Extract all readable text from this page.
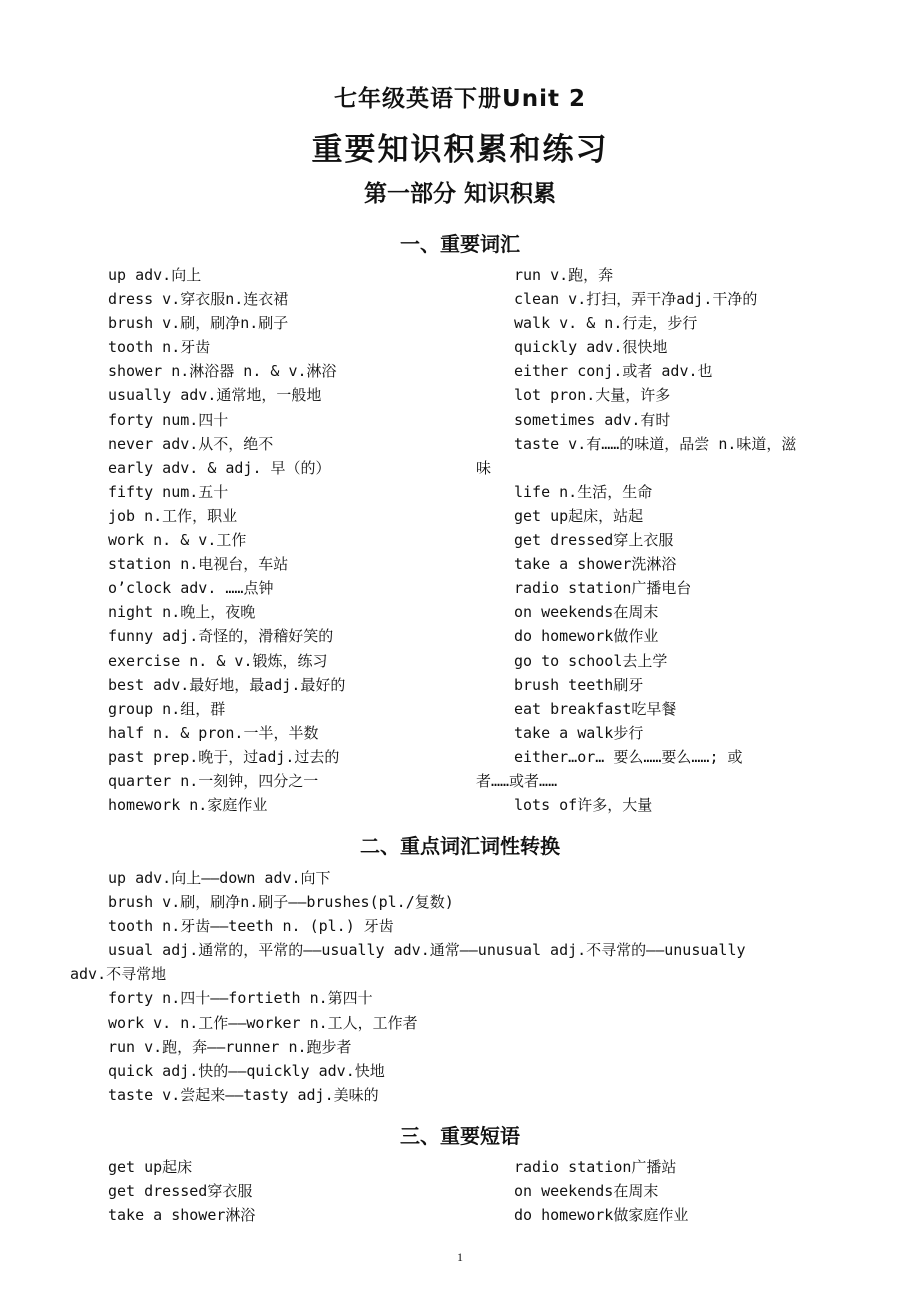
七年级英语下册Unit 2
重要知识积累和练习
第一部分 知识积累
一、重要词汇
up adv.向上
dress v.穿衣服n.连衣裙
brush v.刷，刷净n.刷子
tooth n.牙齿
shower n.淋浴器 n. & v.淋浴
usually adv.通常地，一般地
forty num.四十
never adv.从不，绝不
early adv. & adj. 早（的）
fifty num.五十
job n.工作，职业
work n. & v.工作
station n.电视台，车站
o’clock adv. ……点钟
night n.晚上，夜晚
funny adj.奇怪的，滑稽好笑的
exercise n. & v.锻炼，练习
best adv.最好地，最adj.最好的
group n.组，群
half n. & pron.一半，半数
past prep.晚于，过adj.过去的
quarter n.一刻钟，四分之一
homework n.家庭作业
run v.跑，奔
clean v.打扫，弄干净adj.干净的
walk v. & n.行走，步行
quickly adv.很快地
either conj.或者 adv.也
lot pron.大量，许多
sometimes adv.有时
taste v.有……的味道，品尝 n.味道，滋
味
life n.生活，生命
get up起床，站起
get dressed穿上衣服
take a shower洗淋浴
radio station广播电台
on weekends在周末
do homework做作业
go to school去上学
brush teeth刷牙
eat breakfast吃早餐
take a walk步行
either…or… 要么……要么……; 或
者……或者……
lots of许多，大量
二、重点词汇词性转换
up adv.向上——down adv.向下
brush v.刷，刷净n.刷子——brushes(pl./复数)
tooth n.牙齿——teeth n. (pl.) 牙齿
usual adj.通常的，平常的——usually adv.通常——unusual adj.不寻常的——unusually
adv.不寻常地
forty n.四十——fortieth n.第四十
work v. n.工作——worker n.工人，工作者
run v.跑，奔——runner n.跑步者
quick adj.快的——quickly adv.快地
taste v.尝起来——tasty adj.美味的
三、重要短语
get up起床
get dressed穿衣服
take a shower淋浴
radio station广播站
on weekends在周末
do homework做家庭作业
1
